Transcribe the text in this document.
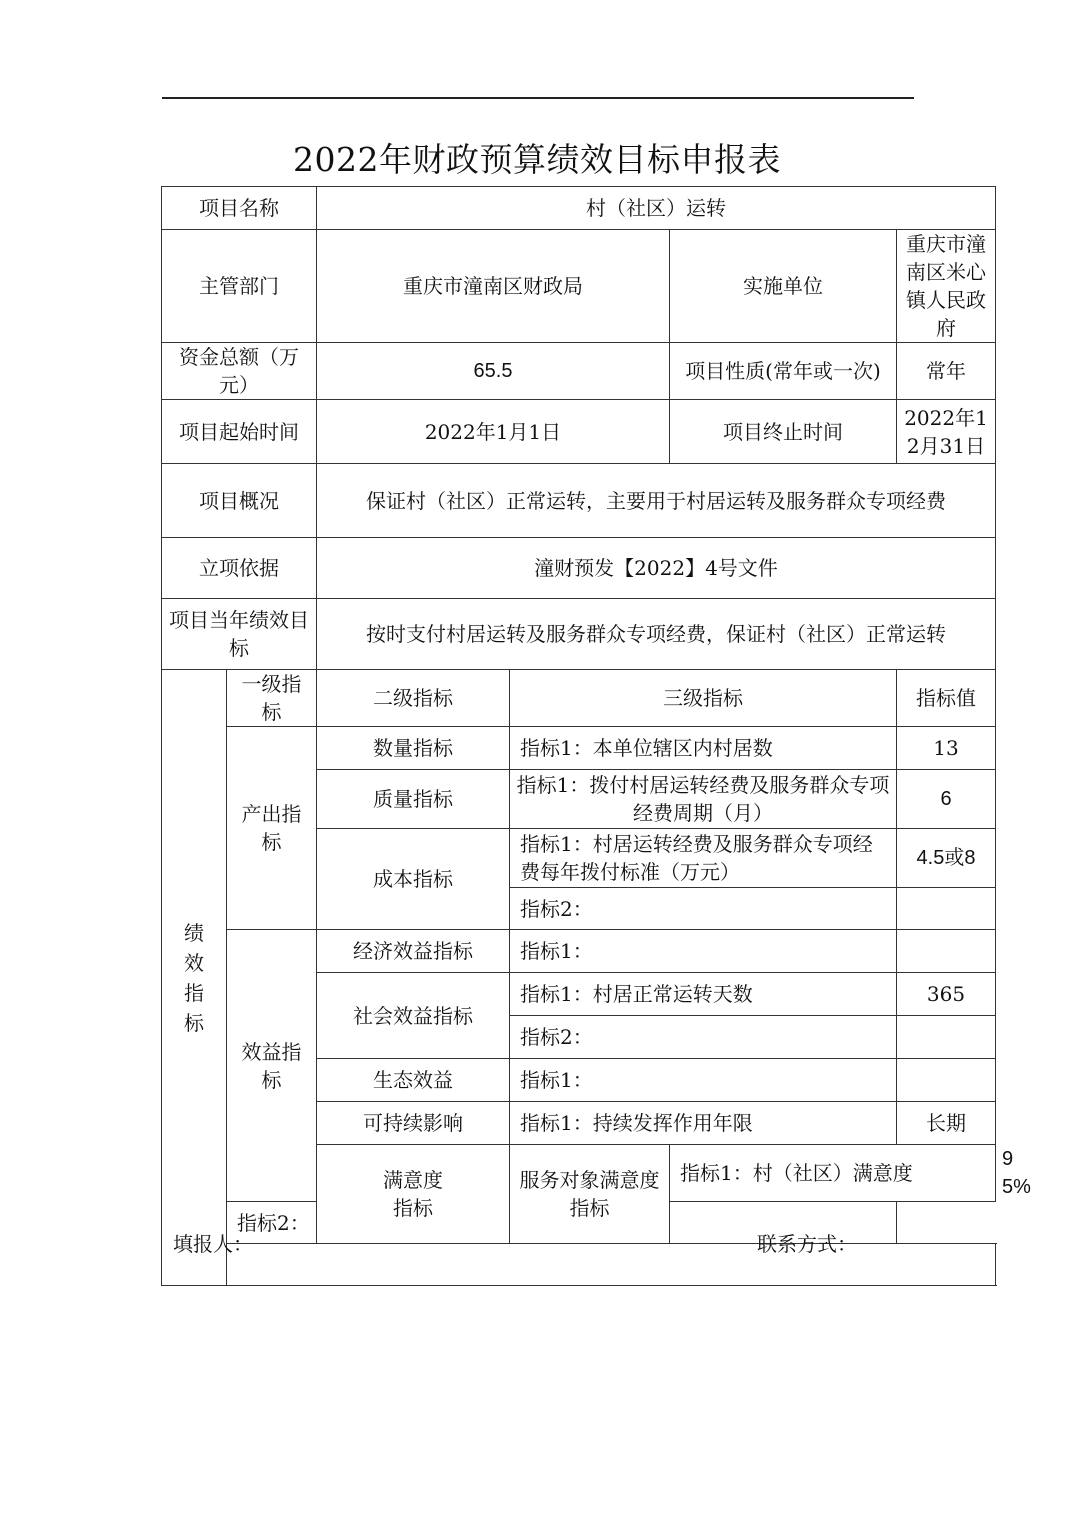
2022年财政预算绩效目标申报表
项目名称		村（社区）运转				
主管部门		重庆市潼南区财政局		实施单位	重庆市潼南区米心镇人民政府	
资金总额（万元）		65.5		项目性质(常年或一次)	常年	
项目起始时间		2022年1月1日		项目终止时间	2022年12月31日	
项目概况		保证村（社区）正常运转，主要用于村居运转及服务群众专项经费				
立项依据		潼财预发【2022】4号文件				
项目当年绩效目标		按时支付村居运转及服务群众专项经费，保证村（社区）正常运转				
绩效指标	一级指标	二级指标	三级指标		指标值	
	产出指标	数量指标	指标1：本单位辖区内村居数		13	
		质量指标	指标1：拨付村居运转经费及服务群众专项经费周期（月）		6	
		成本指标	指标1：村居运转经费及服务群众专项经费每年拨付标准（万元）		4.5或8	
			指标2：			
	效益指标	经济效益指标	指标1：			
		社会效益指标	指标1：村居正常运转天数		365	
			指标2：			
		生态效益	指标1：			
		可持续影响	指标1：持续发挥作用年限		长期	
		满意度指标	服务对象满意度指标	指标1：村（社区）满意度		95%
	指标2：					

填报人：	联系方式：
